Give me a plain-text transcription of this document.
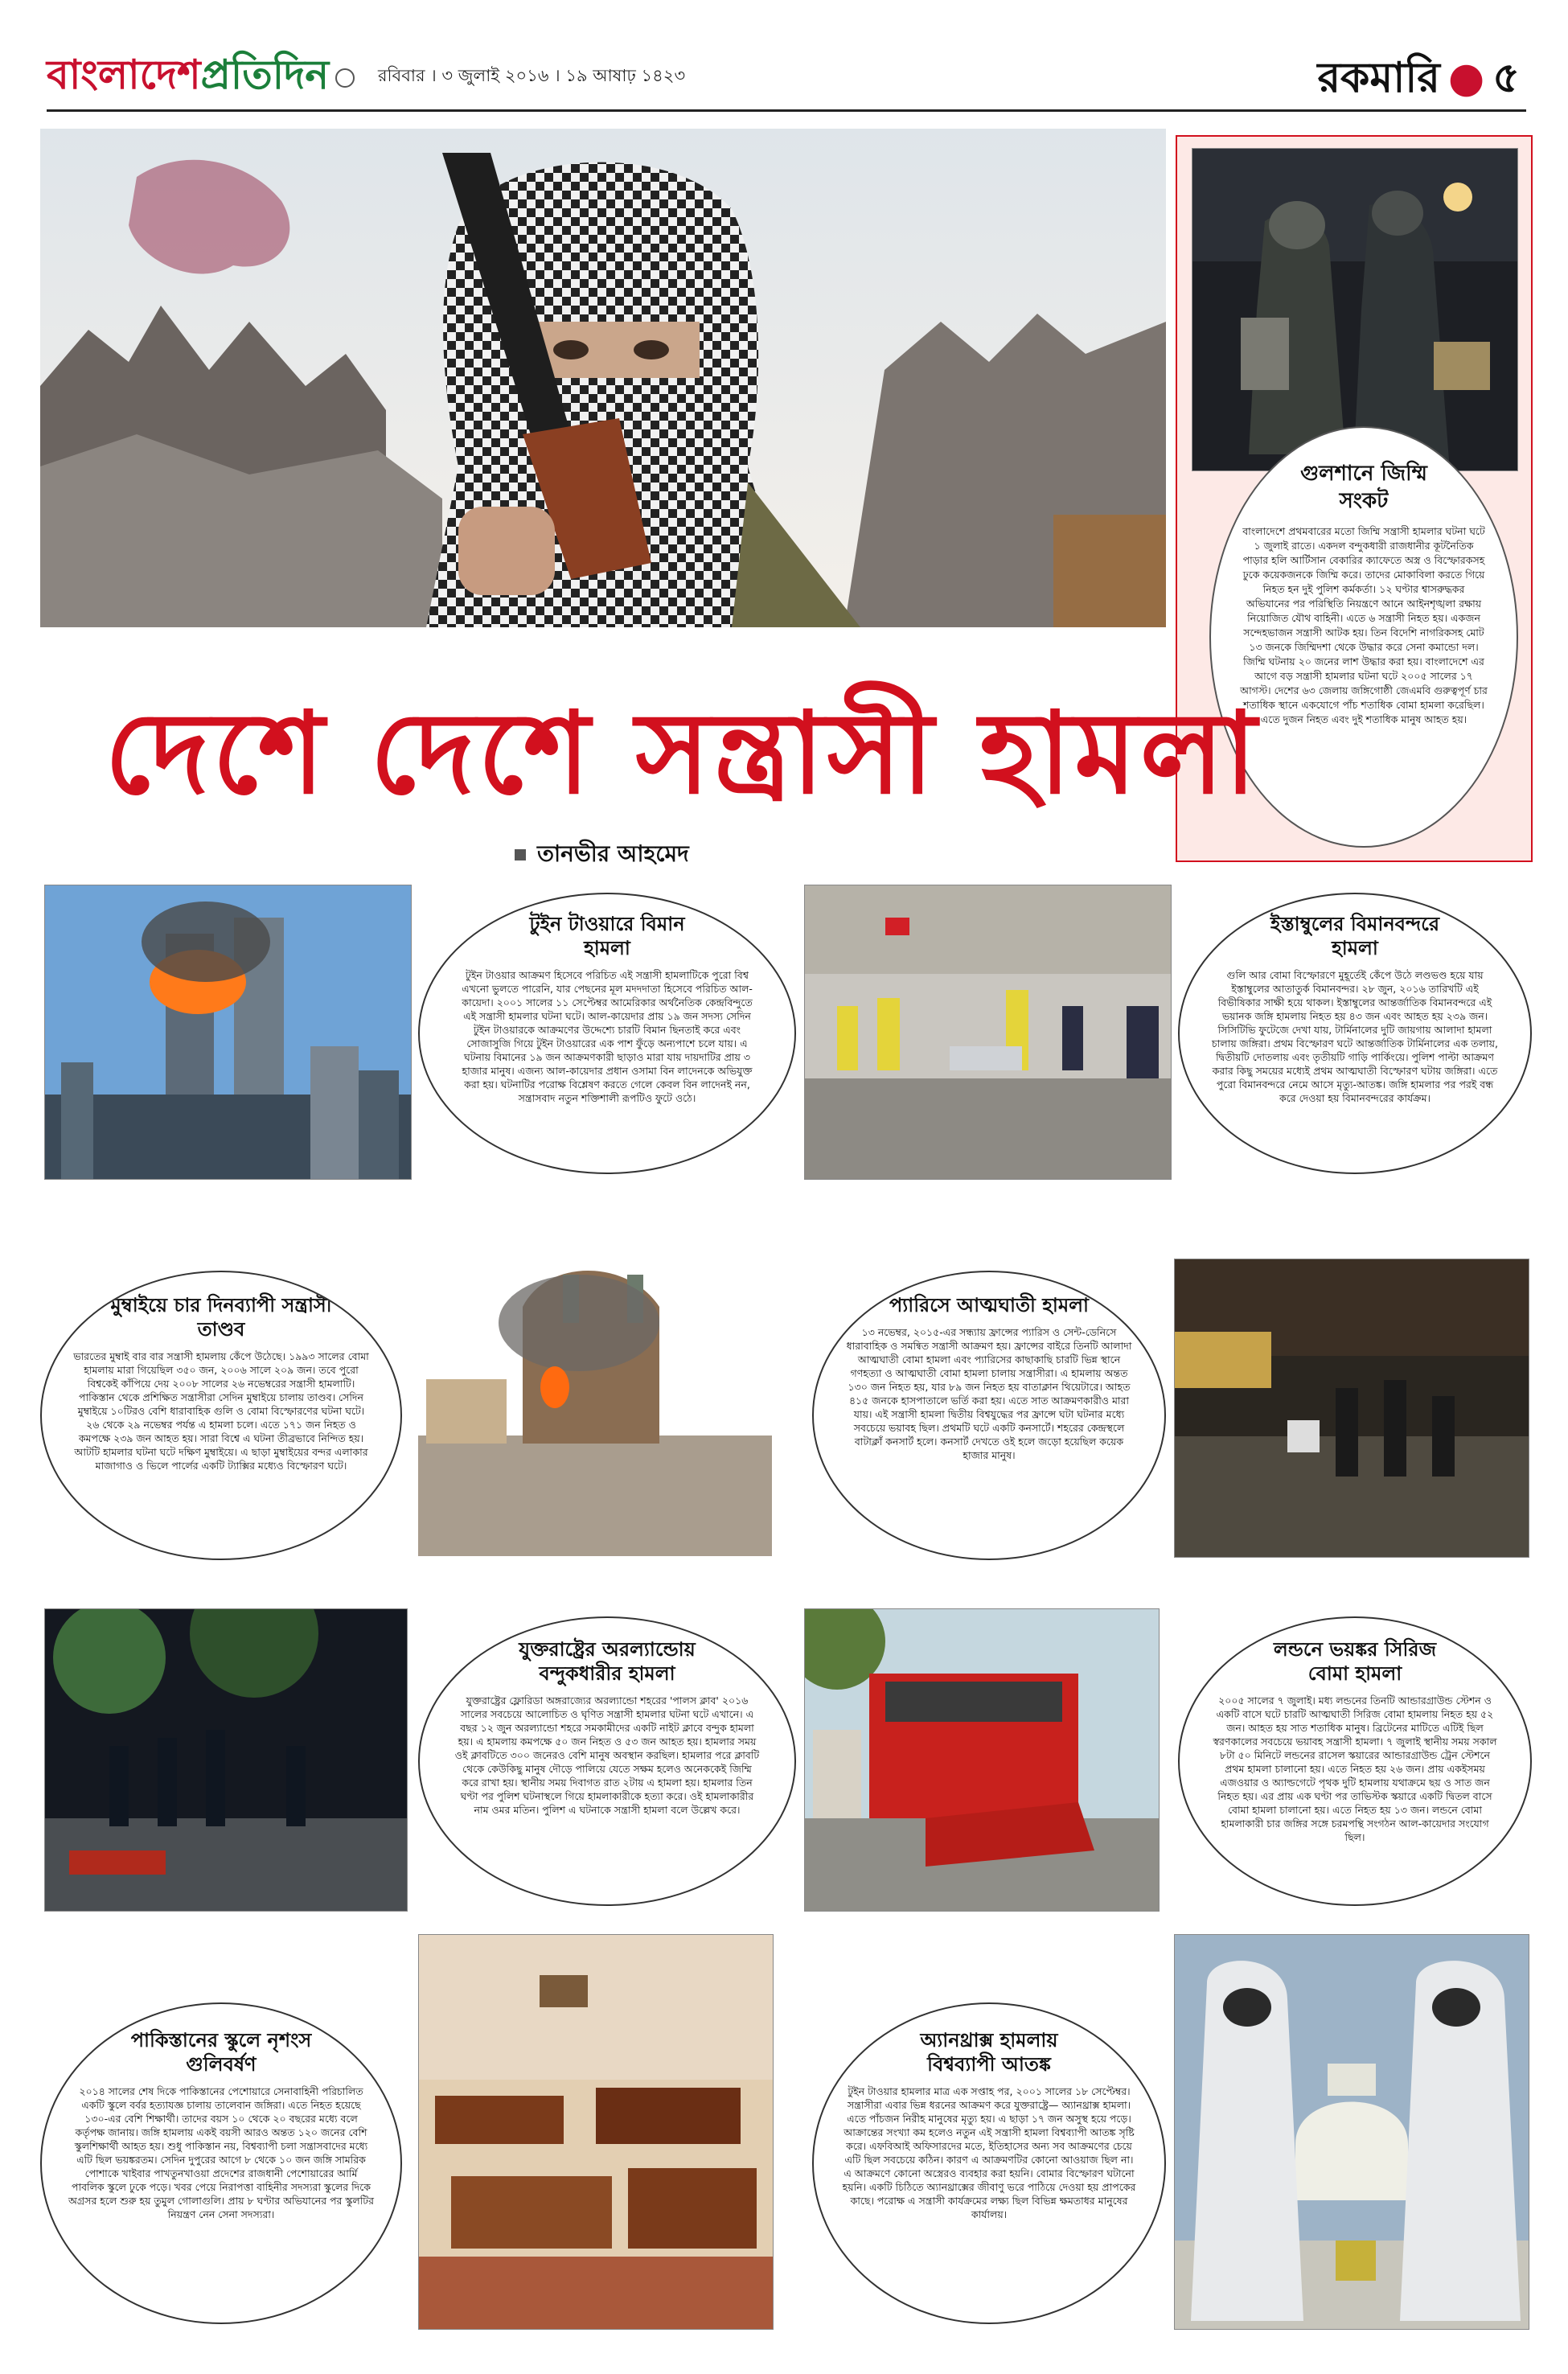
বাংলাদেশপ্রতিদিন	রবিবার । ৩ জুলাই ২০১৬ । ১৯ আষাঢ় ১৪২৩	রকমারি ● ৫
গুলশানে জিম্মি সংকট
বাংলাদেশে প্রথমবারের মতো জিম্মি সন্ত্রাসী হামলার ঘটনা ঘটে ১ জুলাই রাতে। একদল বন্দুকধারী রাজধানীর কূটনৈতিক পাড়ার হলি আর্টিসান বেকারির ক্যাফেতে অস্ত্র ও বিস্ফোরকসহ ঢুকে কয়েকজনকে জিম্মি করে। তাদের মোকাবিলা করতে গিয়ে নিহত হন দুই পুলিশ কর্মকর্তা। ১২ ঘণ্টার শ্বাসরুদ্ধকর অভিযানের পর পরিস্থিতি নিয়ন্ত্রণে আনে আইনশৃঙ্খলা রক্ষায় নিয়োজিত যৌথ বাহিনী। এতে ৬ সন্ত্রাসী নিহত হয়। একজন সন্দেহভাজন সন্ত্রাসী আটক হয়। তিন বিদেশি নাগরিকসহ মোট ১৩ জনকে জিম্মিদশা থেকে উদ্ধার করে সেনা কমান্ডো দল। জিম্মি ঘটনায় ২০ জনের লাশ উদ্ধার করা হয়। বাংলাদেশে এর আগে বড় সন্ত্রাসী হামলার ঘটনা ঘটে ২০০৫ সালের ১৭ আগস্ট। দেশের ৬৩ জেলায় জঙ্গিগোষ্ঠী জেএমবি গুরুত্বপূর্ণ চার শতাধিক স্থানে একযোগে পাঁচ শতাধিক বোমা হামলা করেছিল। এতে দুজন নিহত এবং দুই শতাধিক মানুষ আহত হয়।
দেশে দেশে সন্ত্রাসী হামলা
তানভীর আহমেদ
টুইন টাওয়ারে বিমান হামলা
টুইন টাওয়ার আক্রমণ হিসেবে পরিচিত এই সন্ত্রাসী হামলাটিকে পুরো বিশ্ব এখনো ভুলতে পারেনি, যার পেছনের মূল মদদদাতা হিসেবে পরিচিত আল-কায়েদা। ২০০১ সালের ১১ সেপ্টেম্বর আমেরিকার অর্থনৈতিক কেন্দ্রবিন্দুতে এই সন্ত্রাসী হামলার ঘটনা ঘটে। আল-কায়েদার প্রায় ১৯ জন সদস্য সেদিন টুইন টাওয়ারকে আক্রমণের উদ্দেশ্যে চারটি বিমান ছিনতাই করে এবং সোজাসুজি গিয়ে টুইন টাওয়ারের এক পাশ ফুঁড়ে অন্যপাশে চলে যায়। এ ঘটনায় বিমানের ১৯ জন আক্রমণকারী ছাড়াও মারা যায় দায়দাটির প্রায় ৩ হাজার মানুষ। এজন্য আল-কায়েদার প্রধান ওসামা বিন লাদেনকে অভিযুক্ত করা হয়। ঘটনাটির পরোক্ষ বিশ্লেষণ করতে গেলে কেবল বিন লাদেনই নন, সন্ত্রাসবাদ নতুন শক্তিশালী রূপটিও ফুটে ওঠে।
ইস্তাম্বুলের বিমানবন্দরে হামলা
গুলি আর বোমা বিস্ফোরণে মুহূর্তেই কেঁপে উঠে লণ্ডভণ্ড হয়ে যায় ইস্তাম্বুলের আতাতুর্ক বিমানবন্দর। ২৮ জুন, ২০১৬ তারিখটি এই বিভীষিকার সাক্ষী হয়ে থাকল। ইস্তাম্বুলের আন্তর্জাতিক বিমানবন্দরে এই ভয়ানক জঙ্গি হামলায় নিহত হয় ৪৩ জন এবং আহত হয় ২৩৯ জন। সিসিটিভি ফুটেজে দেখা যায়, টার্মিনালের দুটি জায়গায় আলাদা হামলা চালায় জঙ্গিরা। প্রথম বিস্ফোরণ ঘটে আন্তর্জাতিক টার্মিনালের এক তলায়, দ্বিতীয়টি দোতলায় এবং তৃতীয়টি গাড়ি পার্কিংয়ে। পুলিশ পাল্টা আক্রমণ করার কিছু সময়ের মধ্যেই প্রথম আত্মঘাতী বিস্ফোরণ ঘটায় জঙ্গিরা। এতে পুরো বিমানবন্দরে নেমে আসে মৃত্যু-আতঙ্ক। জঙ্গি হামলার পর পরই বন্ধ করে দেওয়া হয় বিমানবন্দরের কার্যক্রম।
মুম্বাইয়ে চার দিনব্যাপী সন্ত্রাসী তাণ্ডব
ভারতের মুম্বাই বার বার সন্ত্রাসী হামলায় কেঁপে উঠেছে। ১৯৯৩ সালের বোমা হামলায় মারা গিয়েছিল ৩৫০ জন, ২০০৬ সালে ২০৯ জন। তবে পুরো বিশ্বকেই কাঁপিয়ে দেয় ২০০৮ সালের ২৬ নভেম্বরের সন্ত্রাসী হামলাটি। পাকিস্তান থেকে প্রশিক্ষিত সন্ত্রাসীরা সেদিন মুম্বাইয়ে চালায় তাণ্ডব। সেদিন মুম্বাইয়ে ১০টিরও বেশি ধারাবাহিক গুলি ও বোমা বিস্ফোরণের ঘটনা ঘটে। ২৬ থেকে ২৯ নভেম্বর পর্যন্ত এ হামলা চলে। এতে ১৭১ জন নিহত ও কমপক্ষে ২৩৯ জন আহত হয়। সারা বিশ্বে এ ঘটনা তীব্রভাবে নিন্দিত হয়। আটটি হামলার ঘটনা ঘটে দক্ষিণ মুম্বাইয়ে। এ ছাড়া মুম্বাইয়ের বন্দর এলাকার মাজাগাও ও ভিলে পার্লের একটি ট্যাক্সির মধ্যেও বিস্ফোরণ ঘটে।
প্যারিসে আত্মঘাতী হামলা
১৩ নভেম্বর, ২০১৫-এর সন্ধ্যায় ফ্রান্সের প্যারিস ও সেন্ট-ডেনিসে ধারাবাহিক ও সমন্বিত সন্ত্রাসী আক্রমণ হয়। ফ্রান্সের বাইরে তিনটি আলাদা আত্মঘাতী বোমা হামলা এবং প্যারিসের কাছাকাছি চারটি ভিন্ন স্থানে গণহত্যা ও আত্মঘাতী বোমা হামলা চালায় সন্ত্রাসীরা। এ হামলায় অন্তত ১৩০ জন নিহত হয়, যার ৮৯ জন নিহত হয় বাতাক্লান থিয়েটারে। আহত ৪১৫ জনকে হাসপাতালে ভর্তি করা হয়। এতে সাত আক্রমণকারীও মারা যায়। এই সন্ত্রাসী হামলা দ্বিতীয় বিশ্বযুদ্ধের পর ফ্রান্সে ঘটা ঘটনার মধ্যে সবচেয়ে ভয়াবহ ছিল। প্রথমটি ঘটে একটি কনসার্টে। শহরের কেন্দ্রস্থলে বাটাক্লাঁ কনসার্ট হলে। কনসার্ট দেখতে ওই হলে জড়ো হয়েছিল কয়েক হাজার মানুষ।
যুক্তরাষ্ট্রের অরল্যান্ডোয় বন্দুকধারীর হামলা
যুক্তরাষ্ট্রের ফ্লোরিডা অঙ্গরাজ্যের অরল্যান্ডো শহরের 'পালস ক্লাব' ২০১৬ সালের সবচেয়ে আলোচিত ও ঘৃণিত সন্ত্রাসী হামলার ঘটনা ঘটে এখানে। এ বছর ১২ জুন অরল্যান্ডো শহরে সমকামীদের একটি নাইট ক্লাবে বন্দুক হামলা হয়। এ হামলায় কমপক্ষে ৫০ জন নিহত ও ৫৩ জন আহত হয়। হামলার সময় ওই ক্লাবটিতে ৩০০ জনেরও বেশি মানুষ অবস্থান করছিল। হামলার পরে ক্লাবটি থেকে কেউকিছু মানুষ দৌড়ে পালিয়ে যেতে সক্ষম হলেও অনেককেই জিম্মি করে রাখা হয়। স্থানীয় সময় দিবাগত রাত ২টায় এ হামলা হয়। হামলার তিন ঘণ্টা পর পুলিশ ঘটনাস্থলে গিয়ে হামলাকারীকে হত্যা করে। ওই হামলাকারীর নাম ওমর মতিন। পুলিশ এ ঘটনাকে সন্ত্রাসী হামলা বলে উল্লেখ করে।
লন্ডনে ভয়ঙ্কর সিরিজ বোমা হামলা
২০০৫ সালের ৭ জুলাই। মধ্য লন্ডনের তিনটি আন্ডারগ্রাউন্ড স্টেশন ও একটি বাসে ঘটে চারটি আত্মঘাতী সিরিজ বোমা হামলায় নিহত হয় ৫২ জন। আহত হয় সাত শতাধিক মানুষ। ব্রিটেনের মাটিতে এটিই ছিল স্বরণকালের সবচেয়ে ভয়াবহ সন্ত্রাসী হামলা। ৭ জুলাই স্থানীয় সময় সকাল ৮টা ৫০ মিনিটে লন্ডনের রাসেল স্কয়ারের আন্ডারগ্রাউন্ড ট্রেন স্টেশনে প্রথম হামলা চালানো হয়। এতে নিহত হয় ২৬ জন। প্রায় একইসময় এজওয়ার ও অ্যাল্ডগেটে পৃথক দুটি হামলায় যথাক্রমে ছয় ও সাত জন নিহত হয়। এর প্রায় এক ঘণ্টা পর তাভিস্টক স্কয়ারে একটি দ্বিতল বাসে বোমা হামলা চালানো হয়। এতে নিহত হয় ১৩ জন। লন্ডনে বোমা হামলাকারী চার জঙ্গির সঙ্গে চরমপন্থি সংগঠন আল-কায়েদার সংযোগ ছিল।
পাকিস্তানের স্কুলে নৃশংস গুলিবর্ষণ
২০১৪ সালের শেষ দিকে পাকিস্তানের পেশোয়ারে সেনাবাহিনী পরিচালিত একটি স্কুলে বর্বর হত্যাযজ্ঞ চালায় তালেবান জঙ্গিরা। এতে নিহত হয়েছে ১৩০-এর বেশি শিক্ষার্থী। তাদের বয়স ১০ থেকে ২০ বছরের মধ্যে বলে কর্তৃপক্ষ জানায়। জঙ্গি হামলায় একই বয়সী আরও অন্তত ১২০ জনের বেশি স্কুলশিক্ষার্থী আহত হয়। শুধু পাকিস্তান নয়, বিশ্বব্যাপী চলা সন্ত্রাসবাদের মধ্যে এটি ছিল ভয়ঙ্করতম। সেদিন দুপুরের আগে ৮ থেকে ১০ জন জঙ্গি সামরিক পোশাকে খাইবার পাখতুনখাওয়া প্রদেশের রাজধানী পেশোয়ারের আর্মি পাবলিক স্কুলে ঢুকে পড়ে। খবর পেয়ে নিরাপত্তা বাহিনীর সদস্যরা স্কুলের দিকে অগ্রসর হলে শুরু হয় তুমুল গোলাগুলি। প্রায় ৮ ঘণ্টার অভিযানের পর স্কুলটির নিয়ন্ত্রণ নেন সেনা সদস্যরা।
অ্যানথ্রাক্স হামলায় বিশ্বব্যাপী আতঙ্ক
টুইন টাওয়ার হামলার মাত্র এক সপ্তাহ পর, ২০০১ সালের ১৮ সেপ্টেম্বর। সন্ত্রাসীরা এবার ভিন্ন ধরনের আক্রমণ করে যুক্তরাষ্ট্রে— অ্যানথ্রাক্স হামলা। এতে পাঁচজন নিরীহ মানুষের মৃত্যু হয়। এ ছাড়া ১৭ জন অসুস্থ হয়ে পড়ে। আক্রান্তের সংখ্যা কম হলেও নতুন এই সন্ত্রাসী হামলা বিশ্বব্যাপী আতঙ্ক সৃষ্টি করে। এফবিআই অফিসারদের মতে, ইতিহাসের অন্য সব আক্রমণের চেয়ে এটি ছিল সবচেয়ে কঠিন। কারণ এ আক্রমণটির কোনো আওয়াজ ছিল না। এ আক্রমণে কোনো অস্ত্রেরও ব্যবহার করা হয়নি। বোমার বিস্ফোরণ ঘটানো হয়নি। একটি চিঠিতে অ্যানথ্রাক্সের জীবাণু ভরে পাঠিয়ে দেওয়া হয় প্রাপকের কাছে। পরোক্ষ এ সন্ত্রাসী কার্যক্রমের লক্ষ্য ছিল বিভিন্ন ক্ষমতাধর মানুষের কার্যালয়।
